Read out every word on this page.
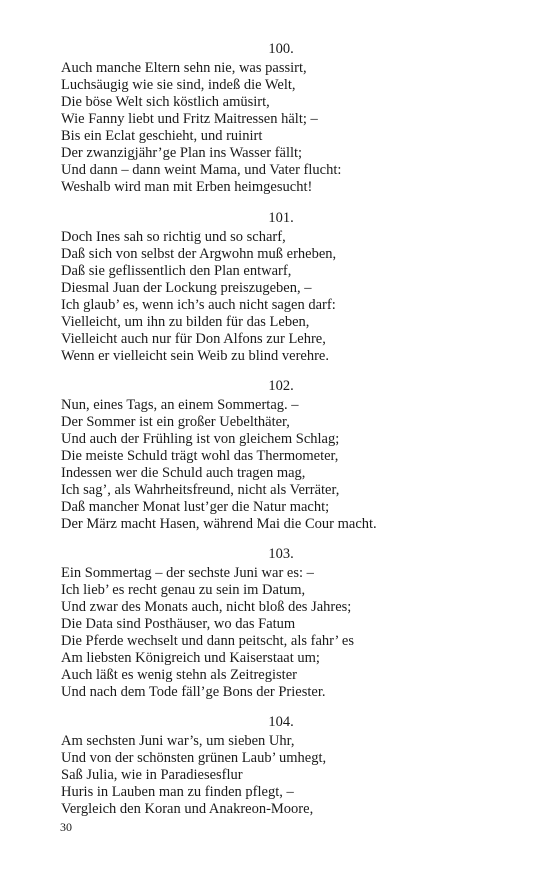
100.
Auch manche Eltern sehn nie, was passirt,
Luchsäugig wie sie sind, indeß die Welt,
Die böse Welt sich köstlich amüsirt,
Wie Fanny liebt und Fritz Maitressen hält; –
Bis ein Eclat geschieht, und ruinirt
Der zwanzigjähr’ge Plan ins Wasser fällt;
Und dann – dann weint Mama, und Vater flucht:
Weshalb wird man mit Erben heimgesucht!
101.
Doch Ines sah so richtig und so scharf,
Daß sich von selbst der Argwohn muß erheben,
Daß sie geflissentlich den Plan entwarf,
Diesmal Juan der Lockung preiszugeben, –
Ich glaub’ es, wenn ich’s auch nicht sagen darf:
Vielleicht, um ihn zu bilden für das Leben,
Vielleicht auch nur für Don Alfons zur Lehre,
Wenn er vielleicht sein Weib zu blind verehre.
102.
Nun, eines Tags, an einem Sommertag. –
Der Sommer ist ein großer Uebelthäter,
Und auch der Frühling ist von gleichem Schlag;
Die meiste Schuld trägt wohl das Thermometer,
Indessen wer die Schuld auch tragen mag,
Ich sag’, als Wahrheitsfreund, nicht als Verräter,
Daß mancher Monat lust’ger die Natur macht;
Der März macht Hasen, während Mai die Cour macht.
103.
Ein Sommertag – der sechste Juni war es: –
Ich lieb’ es recht genau zu sein im Datum,
Und zwar des Monats auch, nicht bloß des Jahres;
Die Data sind Posthäuser, wo das Fatum
Die Pferde wechselt und dann peitscht, als fahr’ es
Am liebsten Königreich und Kaiserstaat um;
Auch läßt es wenig stehn als Zeitregister
Und nach dem Tode fäll’ge Bons der Priester.
104.
Am sechsten Juni war’s, um sieben Uhr,
Und von der schönsten grünen Laub’ umhegt,
Saß Julia, wie in Paradiesesflur
Huris in Lauben man zu finden pflegt, –
Vergleich den Koran und Anakreon-Moore,
30
